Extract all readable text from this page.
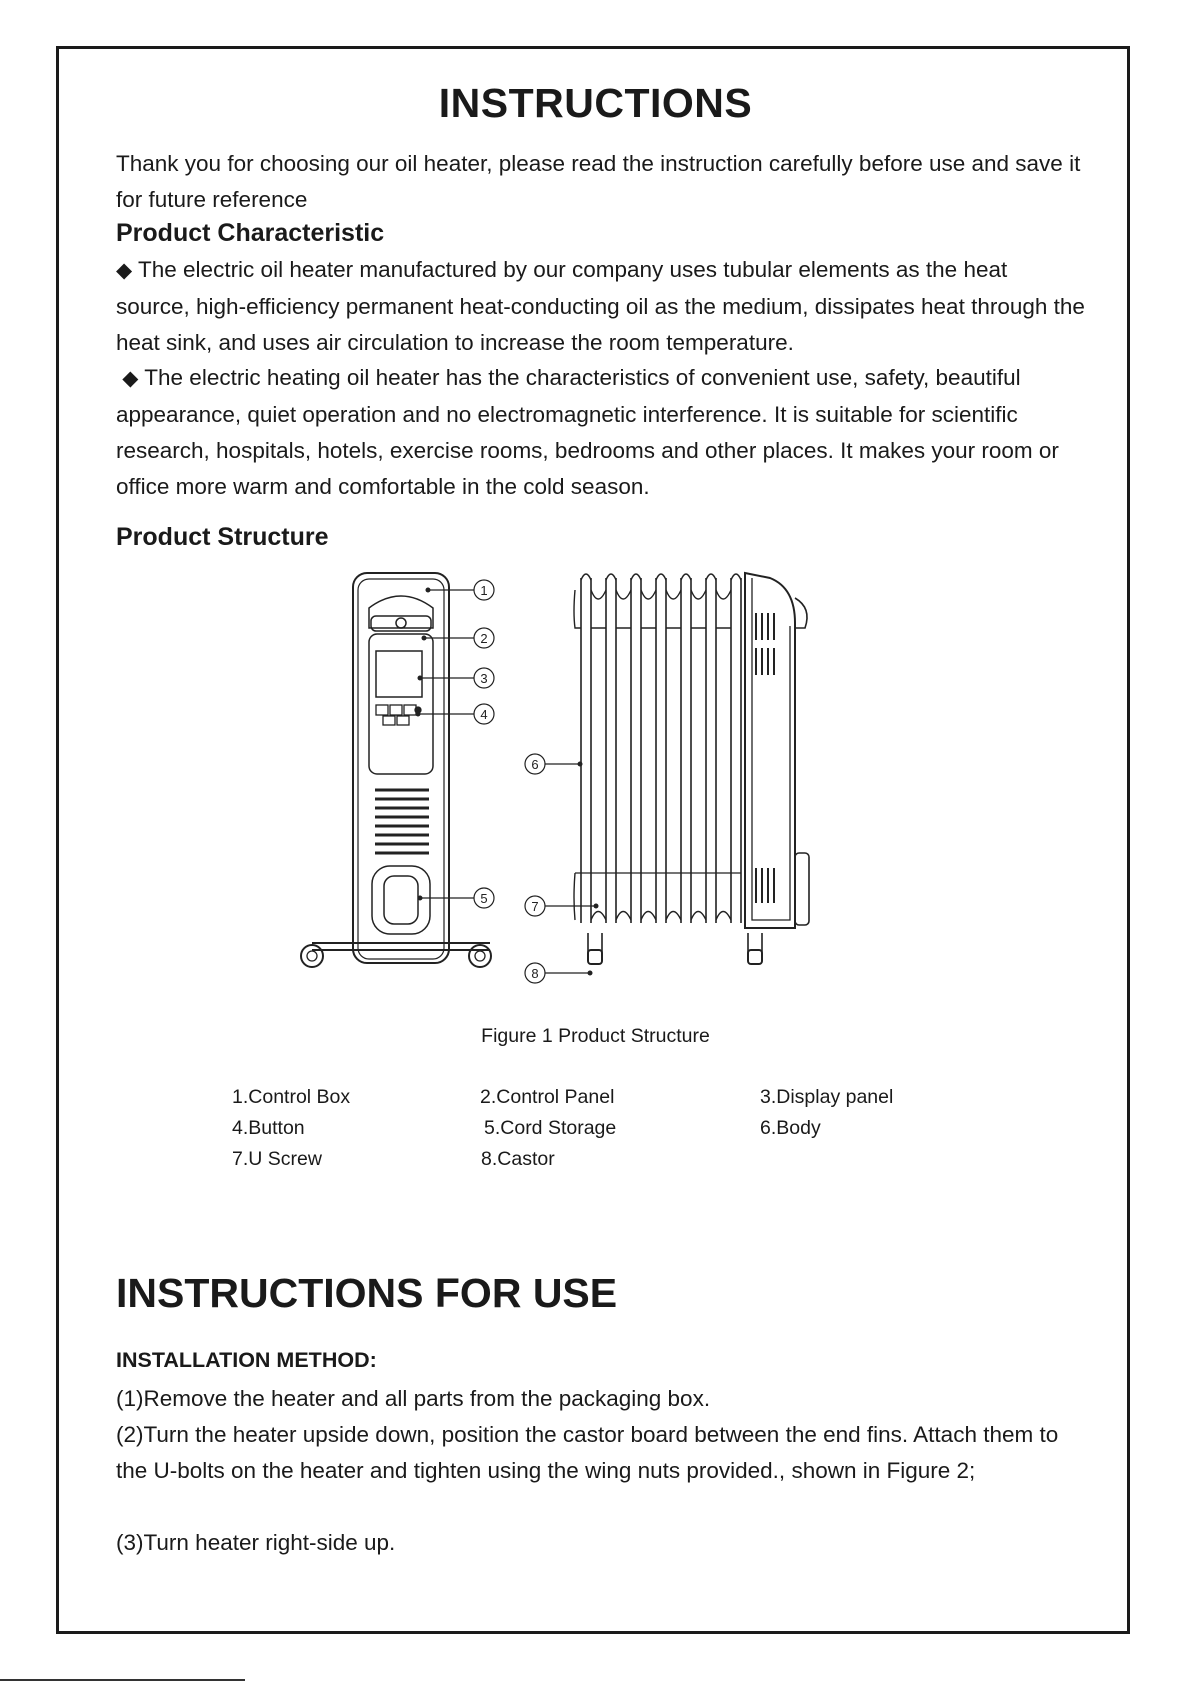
INSTRUCTIONS

Thank you for choosing our oil heater, please read the instruction carefully before use and save it for future reference

Product Characteristic

◆ The electric oil heater manufactured by our company uses tubular elements as the heat source, high-efficiency permanent heat-conducting oil as the medium, dissipates heat through the heat sink, and uses air circulation to increase the room temperature.

◆ The electric heating oil heater has the characteristics of convenient use, safety, beautiful appearance, quiet operation and no electromagnetic interference. It is suitable for scientific research, hospitals, hotels, exercise rooms, bedrooms and other places. It makes your room or office more warm and comfortable in the cold season.

Product Structure
1
2
3
4
5
6
7
8
Figure 1 Product Structure
1.Control Box	2.Control Panel	3.Display panel
4.Button	5.Cord Storage	6.Body
7.U Screw	8.Castor
INSTRUCTIONS FOR USE
INSTALLATION METHOD:

(1)Remove the heater and all parts from the packaging box.

(2)Turn the heater upside down, position the castor board between the end fins. Attach them to the U-bolts on the heater and tighten using the wing nuts provided., shown in Figure 2;

(3)Turn heater right-side up.
